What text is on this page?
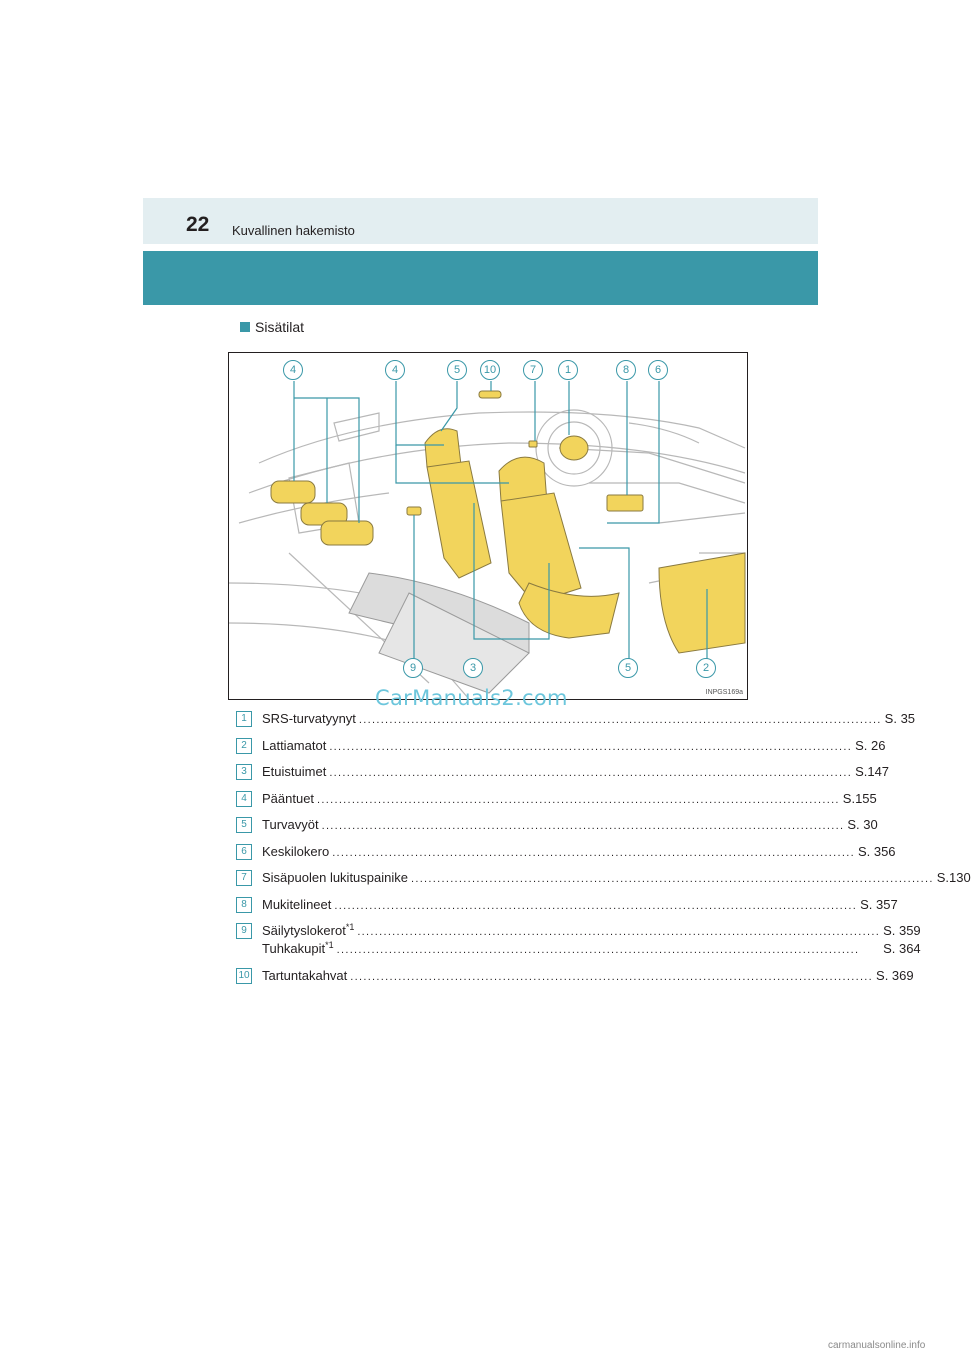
22 Kuvallinen hakemisto
Sisätilat
INPGS169a
4	4	5	10	7	1	8	6
9	3	5	2
CarManuals2.com
1	SRS-turvatyynyt ........................................................................................................................ S. 35
2	Lattiamatot ........................................................................................................................ S. 26
3	Etuistuimet ........................................................................................................................ S.147
4	Pääntuet ........................................................................................................................ S.155
5	Turvavyöt ........................................................................................................................ S. 30
6	Keskilokero ........................................................................................................................ S. 356
7	Sisäpuolen lukituspainike ........................................................................................................................ S.130
8	Mukitelineet ........................................................................................................................ S. 357
9	Säilytyslokerot$^{*1}$ ........................................................................................................................ S. 359
Tuhkakupit$^{*1}$ ........................................................................................................................	S. 364
10 Tartuntakahvat ........................................................................................................................ S. 369
carmanualsonline.info
